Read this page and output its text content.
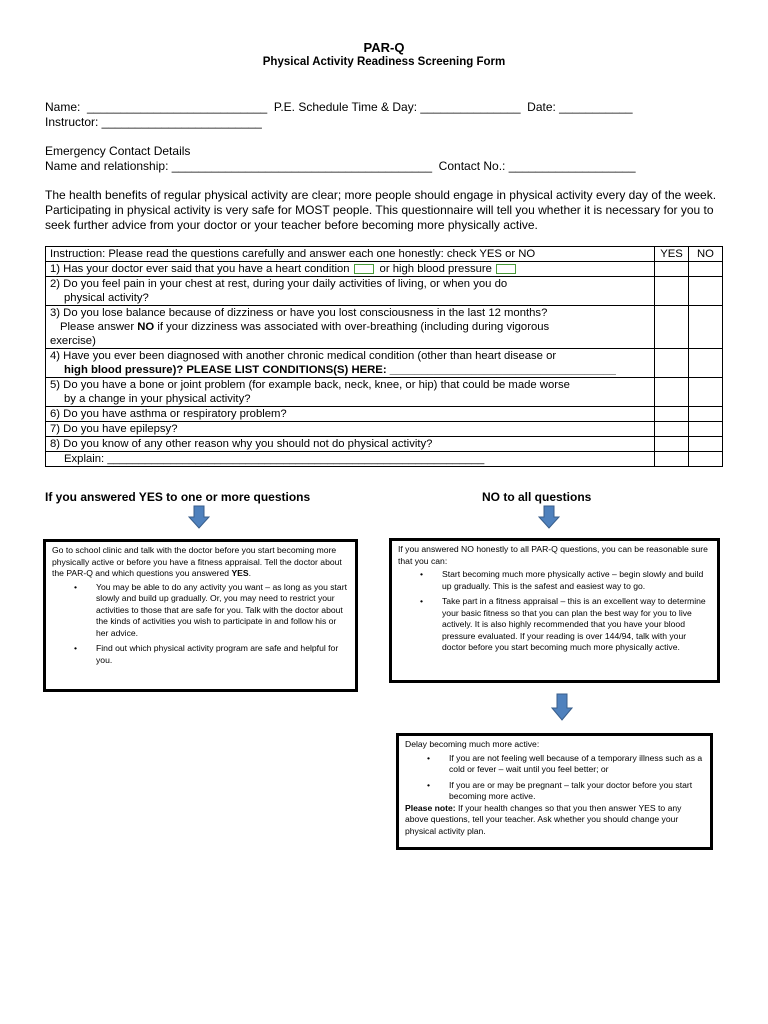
PAR-Q
Physical Activity Readiness Screening Form
Name:  ___________________________  P.E. Schedule Time & Day: _______________  Date: ___________
Instructor: ________________________
Emergency Contact Details
Name and relationship: _______________________________________  Contact No.: ___________________
The health benefits of regular physical activity are clear; more people should engage in physical activity every day of the week. Participating in physical activity is very safe for MOST people. This questionnaire will tell you whether it is necessary for you to seek further advice from your doctor or your teacher before becoming more physically active.
Instruction: Please read the questions carefully and answer each one honestly: check YES or NO	YES	NO
1) Has your doctor ever said that you have a heart condition or high blood pressure		
2) Do you feel pain in your chest at rest, during your daily activities of living, or when you do
physical activity?		

3) Do you lose balance because of dizziness or have you lost consciousness in the last 12 months?
Please answer NO if your dizziness was associated with over-breathing (including during vigorous
exercise)		

4) Have you ever been diagnosed with another chronic medical condition (other than heart disease or
high blood pressure)? PLEASE LIST CONDITIONS(S) HERE: ____________________________________		

5) Do you have a bone or joint problem (for example back, neck, knee, or hip) that could be made worse
by a change in your physical activity?		

6) Do you have asthma or respiratory problem?		
7) Do you have epilepsy?		
8) Do you know of any other reason why you should not do physical activity?		

Explain: ____________________________________________________________		

If you answered YES to one or more questions	NO to all questions
Go to school clinic and talk with the doctor before you start becoming more physically active or before you have a fitness appraisal. Tell the doctor about the PAR-Q and which questions you answered YES.
• You may be able to do any activity you want – as long as you start slowly and build up gradually. Or, you may need to restrict your activities to those that are safe for you. Talk with the doctor about the kinds of activities you wish to participate in and follow his or her advice.
• Find out which physical activity program are safe and helpful for you.
If you answered NO honestly to all PAR-Q questions, you can be reasonable sure that you can:
• Start becoming much more physically active – begin slowly and build up gradually. This is the safest and easiest way to go.
• Take part in a fitness appraisal – this is an excellent way to determine your basic fitness so that you can plan the best way for you to live actively. It is also highly recommended that you have your blood pressure evaluated. If your reading is over 144/94, talk with your doctor before you start becoming much more physically active.
Delay becoming much more active:
• If you are not feeling well because of a temporary illness such as a cold or fever – wait until you feel better; or
• If you are or may be pregnant – talk your doctor before you start becoming more active.
Please note: If your health changes so that you then answer YES to any above questions, tell your teacher. Ask whether you should change your physical activity plan.
